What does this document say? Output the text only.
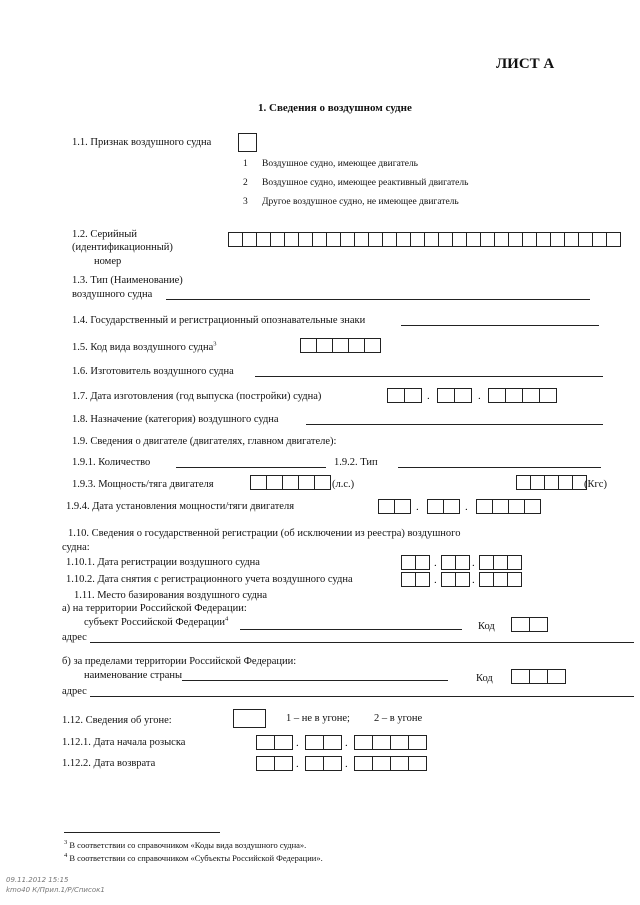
ЛИСТ А
1. Сведения о воздушном судне
1.1. Признак воздушного судна
1 Воздушное судно, имеющее двигатель
2 Воздушное судно, имеющее реактивный двигатель
3 Другое воздушное судно, не имеющее двигатель
1.2. Серийный
(идентификационный)
номер
1.3. Тип (Наименование)
воздушного судна
1.4. Государственный и регистрационный опознавательные знаки
1.5. Код вида воздушного судна$^3$
1.6. Изготовитель воздушного судна
1.7. Дата изготовления (год выпуска (постройки) судна)	.	.
1.8. Назначение (категория) воздушного судна
1.9. Сведения о двигателе (двигателях, главном двигателе):
1.9.1. Количество	1.9.2. Тип
1.9.3. Мощность/тяга двигателя	(л.с.)	(Кгс)
1.9.4. Дата установления мощности/тяги двигателя	.	.
1.10. Сведения о государственной регистрации (об исключении из реестра) воздушного
судна:
1.10.1. Дата регистрации воздушного судна	.	.
1.10.2. Дата снятия с регистрационного учета воздушного судна	.	.
1.11. Место базирования воздушного судна
а) на территории Российской Федерации:
субъект Российской Федерации$^4$
Код
адрес
б) за пределами территории Российской Федерации:
наименование страны	Код
адрес
1.12. Сведения об угоне:	1 – не в угоне; 2 – в угоне
1.12.1. Дата начала розыска	.	.
1.12.2. Дата возврата	.	.
$^3$ В соответствии со справочником «Коды вида воздушного судна».
$^4$ В соответствии со справочником «Субъекты Российской Федерации».
09.11.2012 15:15
kmo40 К/Прил.1/Р/Список1
